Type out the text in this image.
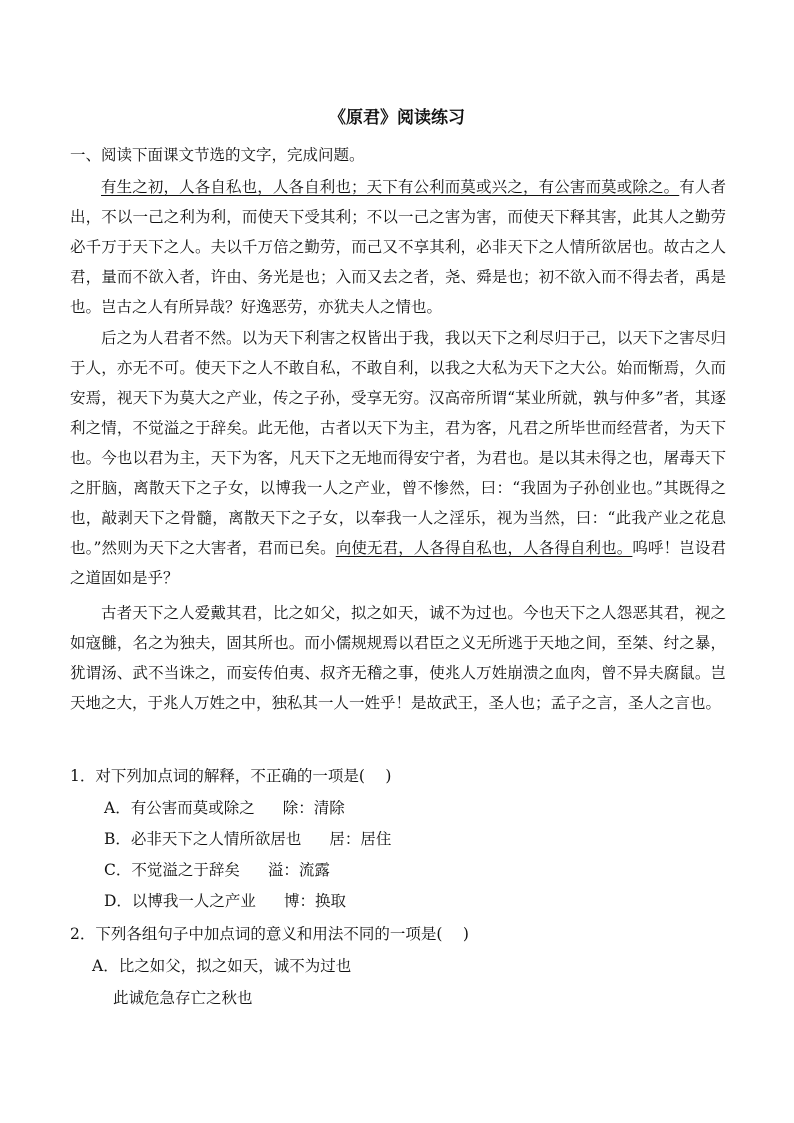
《原君》阅读练习
一、阅读下面课文节选的文字，完成问题。

有生之初，人各自私也，人各自利也；天下有公利而莫或兴之，有公害而莫或除之。有人者出，不以一己之利为利，而使天下受其利；不以一己之害为害，而使天下释其害，此其人之勤劳必千万于天下之人。夫以千万倍之勤劳，而己又不享其利，必非天下之人情所欲居也。故古之人君，量而不欲入者，许由、务光是也；入而又去之者，尧、舜是也；初不欲入而不得去者，禹是也。岂古之人有所异哉？好逸恶劳，亦犹夫人之情也。

后之为人君者不然。以为天下利害之权皆出于我，我以天下之利尽归于己，以天下之害尽归于人，亦无不可。使天下之人不敢自私，不敢自利，以我之大私为天下之大公。始而惭焉，久而安焉，视天下为莫大之产业，传之子孙，受享无穷。汉高帝所谓“某业所就，孰与仲多”者，其逐利之情，不觉溢之于辞矣。此无他，古者以天下为主，君为客，凡君之所毕世而经营者，为天下也。今也以君为主，天下为客，凡天下之无地而得安宁者，为君也。是以其未得之也，屠毒天下之肝脑，离散天下之子女，以博我一人之产业，曾不惨然，曰：“我固为子孙创业也。”其既得之也，敲剥天下之骨髓，离散天下之子女，以奉我一人之淫乐，视为当然，曰：“此我产业之花息也。”然则为天下之大害者，君而已矣。向使无君，人各得自私也，人各得自利也。呜呼！岂设君之道固如是乎？

古者天下之人爱戴其君，比之如父，拟之如天，诚不为过也。今也天下之人怨恶其君，视之如寇雠，名之为独夫，固其所也。而小儒规规焉以君臣之义无所逃于天地之间，至桀、纣之暴，犹谓汤、武不当诛之，而妄传伯夷、叔齐无稽之事，使兆人万姓崩溃之血肉，曾不异夫腐鼠。岂天地之大，于兆人万姓之中，独私其一人一姓乎！是故武王，圣人也；孟子之言，圣人之言也。

1．对下列加点词的解释，不正确的一项是(　 )
A．有公害而莫或除之 除：清除
B．必非天下之人情所欲居也 居：居住
C．不觉溢之于辞矣 溢：流露
D．以博我一人之产业 博：换取
2．下列各组句子中加点词的意义和用法不同的一项是(　 )
A．比之如父，拟之如天，诚不为过也
此诚危急存亡之秋也
